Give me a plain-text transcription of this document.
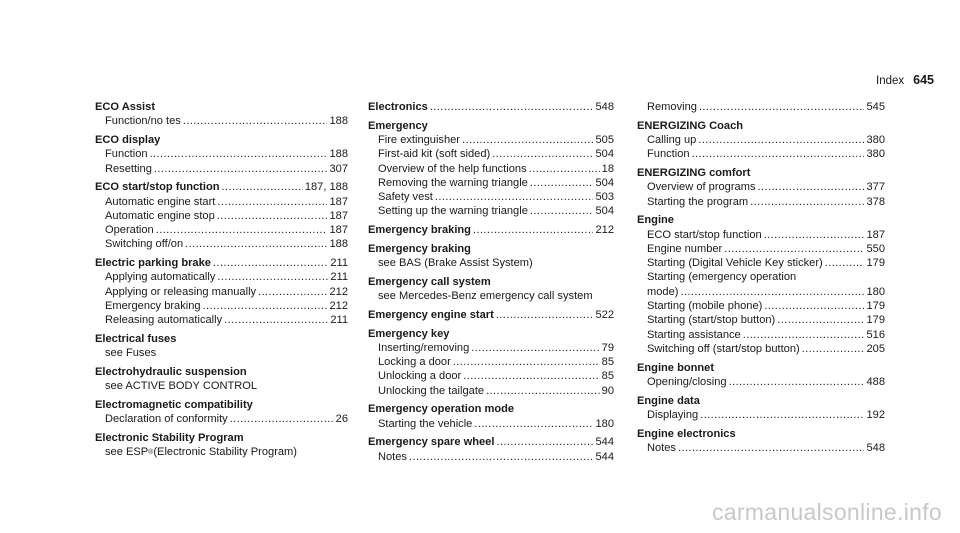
Index 645
ECO Assist
Function/no tes .....	188
ECO display
Function .....	188
Resetting .....	307
ECO start/stop function .....	187, 188
Automatic engine start .....	187
Automatic engine stop .....	187
Operation .....	187
Switching off/on .....	188
Electric parking brake .....	211
Applying automatically .....	211
Applying or releasing manually .....	212
Emergency braking .....	212
Releasing automatically .....	211
Electrical fuses
see Fuses
Electrohydraulic suspension
see ACTIVE BODY CONTROL
Electromagnetic compatibility
Declaration of conformity .....	26
Electronic Stability Program
see ESP® (Electronic Stability Program)
Electronics .....	548
Emergency
Fire extinguisher .....	505
First-aid kit (soft sided) .....	504
Overview of the help functions .....	18
Removing the warning triangle .....	504
Safety vest .....	503
Setting up the warning triangle .....	504
Emergency braking .....	212
Emergency braking
see BAS (Brake Assist System)
Emergency call system
see Mercedes-Benz emergency call system
Emergency engine start .....	522
Emergency key
Inserting/removing .....	79
Locking a door .....	85
Unlocking a door .....	85
Unlocking the tailgate .....	90
Emergency operation mode
Starting the vehicle .....	180
Emergency spare wheel .....	544
Notes .....	544
Removing .....	545
ENERGIZING Coach
Calling up .....	380
Function .....	380
ENERGIZING comfort
Overview of programs .....	377
Starting the program .....	378
Engine
ECO start/stop function .....	187
Engine number .....	550
Starting (Digital Vehicle Key sticker) .....	179
Starting (emergency operation
mode) .....	180
Starting (mobile phone) .....	179
Starting (start/stop button) .....	179
Starting assistance .....	516
Switching off (start/stop button) .....	205
Engine bonnet
Opening/closing .....	488
Engine data
Displaying .....	192
Engine electronics
Notes .....	548
carmanualsonline.info
